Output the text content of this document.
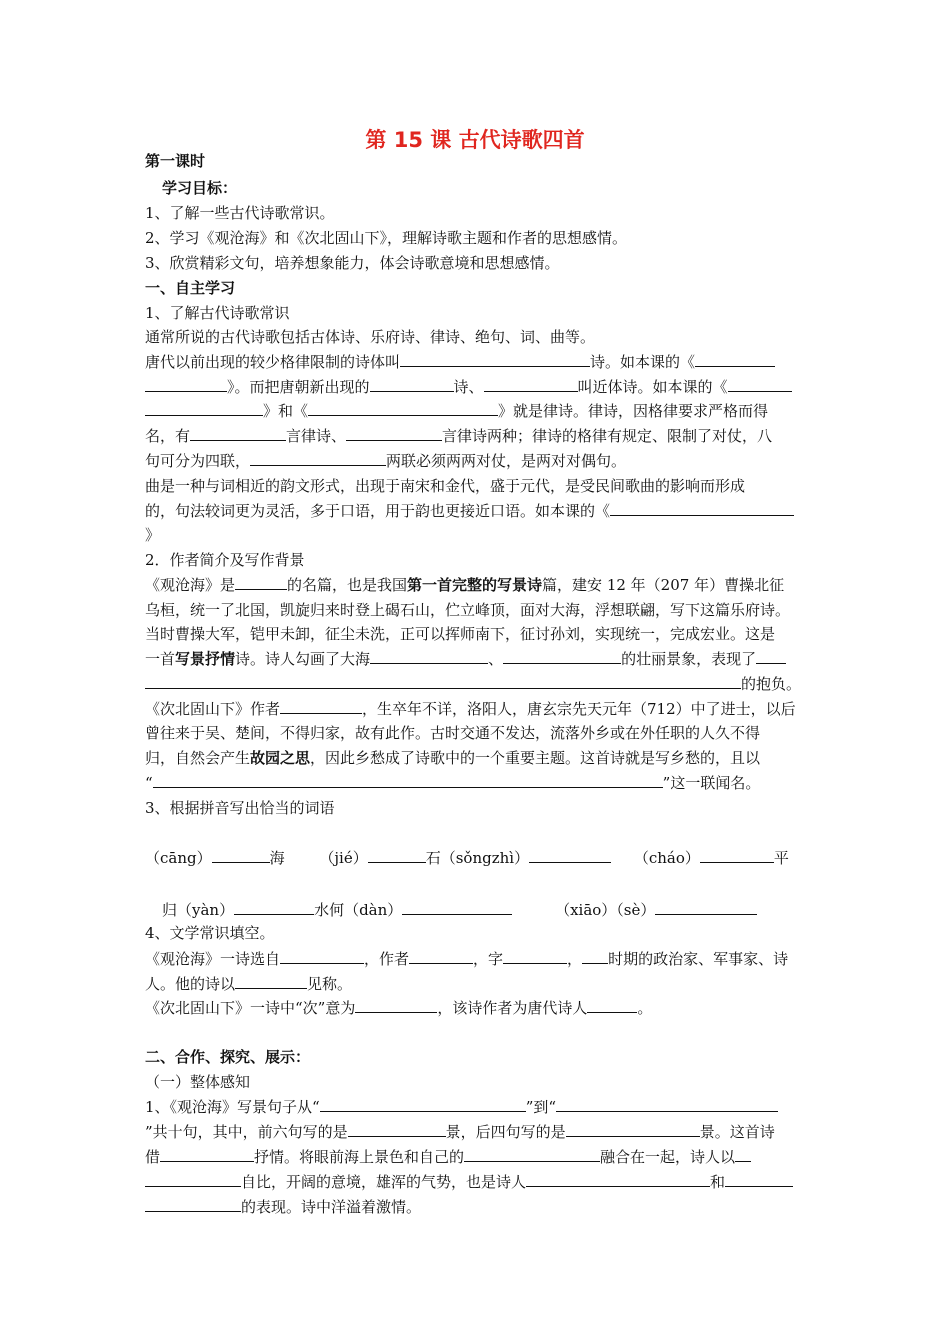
第 15 课 古代诗歌四首
第一课时
学习目标：
1、了解一些古代诗歌常识。
2、学习《观沧海》和《次北固山下》，理解诗歌主题和作者的思想感情。
3、欣赏精彩文句，培养想象能力，体会诗歌意境和思想感情。
一、自主学习
1、了解古代诗歌常识
通常所说的古代诗歌包括古体诗、乐府诗、律诗、绝句、词、曲等。
唐代以前出现的较少格律限制的诗体叫	诗。如本课的《
》。而把唐朝新出现的	诗、	叫近体诗。如本课的《
》和《	》就是律诗。律诗，因格律要求严格而得
名，有	言律诗、	言律诗两种；律诗的格律有规定、限制了对仗，八
句可分为四联，	两联必须两两对仗，是两对对偶句。
曲是一种与词相近的韵文形式，出现于南宋和金代，盛于元代，是受民间歌曲的影响而形成
的，句法较词更为灵活，多于口语，用于韵也更接近口语。如本课的《
》
2．作者简介及写作背景
《观沧海》是	的名篇，也是我国第一首完整的写景诗篇，建安 12 年（207 年）曹操北征
乌桓，统一了北国，凯旋归来时登上碣石山，伫立峰顶，面对大海，浮想联翩，写下这篇乐府诗。
当时曹操大军，铠甲未卸，征尘未洗，正可以挥师南下，征讨孙刘，实现统一，完成宏业。这是
一首写景抒情诗。诗人勾画了大海	、	的壮丽景象，表现了
的抱负。
《次北固山下》作者	，生卒年不详，洛阳人，唐玄宗先天元年（712）中了进士，以后
曾往来于吴、楚间，不得归家，故有此作。古时交通不发达，流落外乡或在外任职的人久不得
归，自然会产生故园之思，因此乡愁成了诗歌中的一个重要主题。这首诗就是写乡愁的，且以
“	”这一联闻名。
3、根据拼音写出恰当的词语
（cāng）	海 （jié）	石（sǒngzhì）	（cháo）	平
归（yàn）	水何（dàn）	（xiāo）（sè）
4、文学常识填空。
《观沧海》一诗选自	，作者	，字	， 时期的政治家、军事家、诗
人。他的诗以	见称。
《次北固山下》一诗中“次”意为	，该诗作者为唐代诗人	。
二、合作、探究、展示：
（一）整体感知
1、《观沧海》写景句子从“	”到“
”共十句，其中，前六句写的是	景，后四句写的是	景。这首诗
借	抒情。将眼前海上景色和自己的	融合在一起，诗人以
自比，开阔的意境，雄浑的气势，也是诗人	和
的表现。诗中洋溢着激情。
